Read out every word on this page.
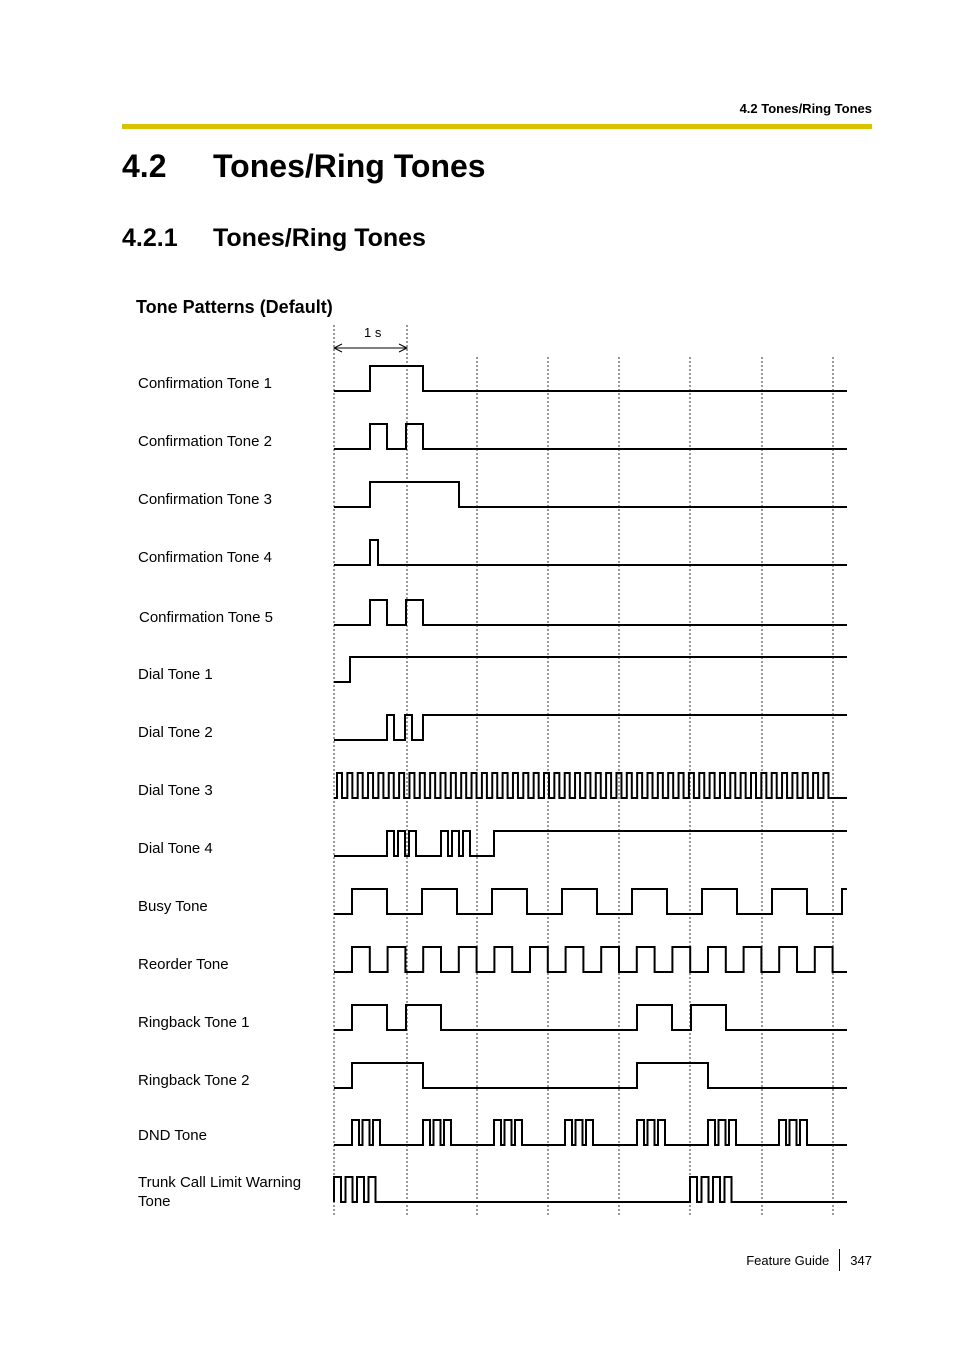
4.2 Tones/Ring Tones
4.2 Tones/Ring Tones
4.2.1 Tones/Ring Tones
Tone Patterns (Default)
1 s
Confirmation Tone 1
Confirmation Tone 2
Confirmation Tone 3
Confirmation Tone 4
Confirmation Tone 5
Dial Tone 1
Dial Tone 2
Dial Tone 3
Dial Tone 4
Busy Tone
Reorder Tone
Ringback Tone 1
Ringback Tone 2
DND Tone
Trunk Call Limit Warning Tone
Feature Guide 347
